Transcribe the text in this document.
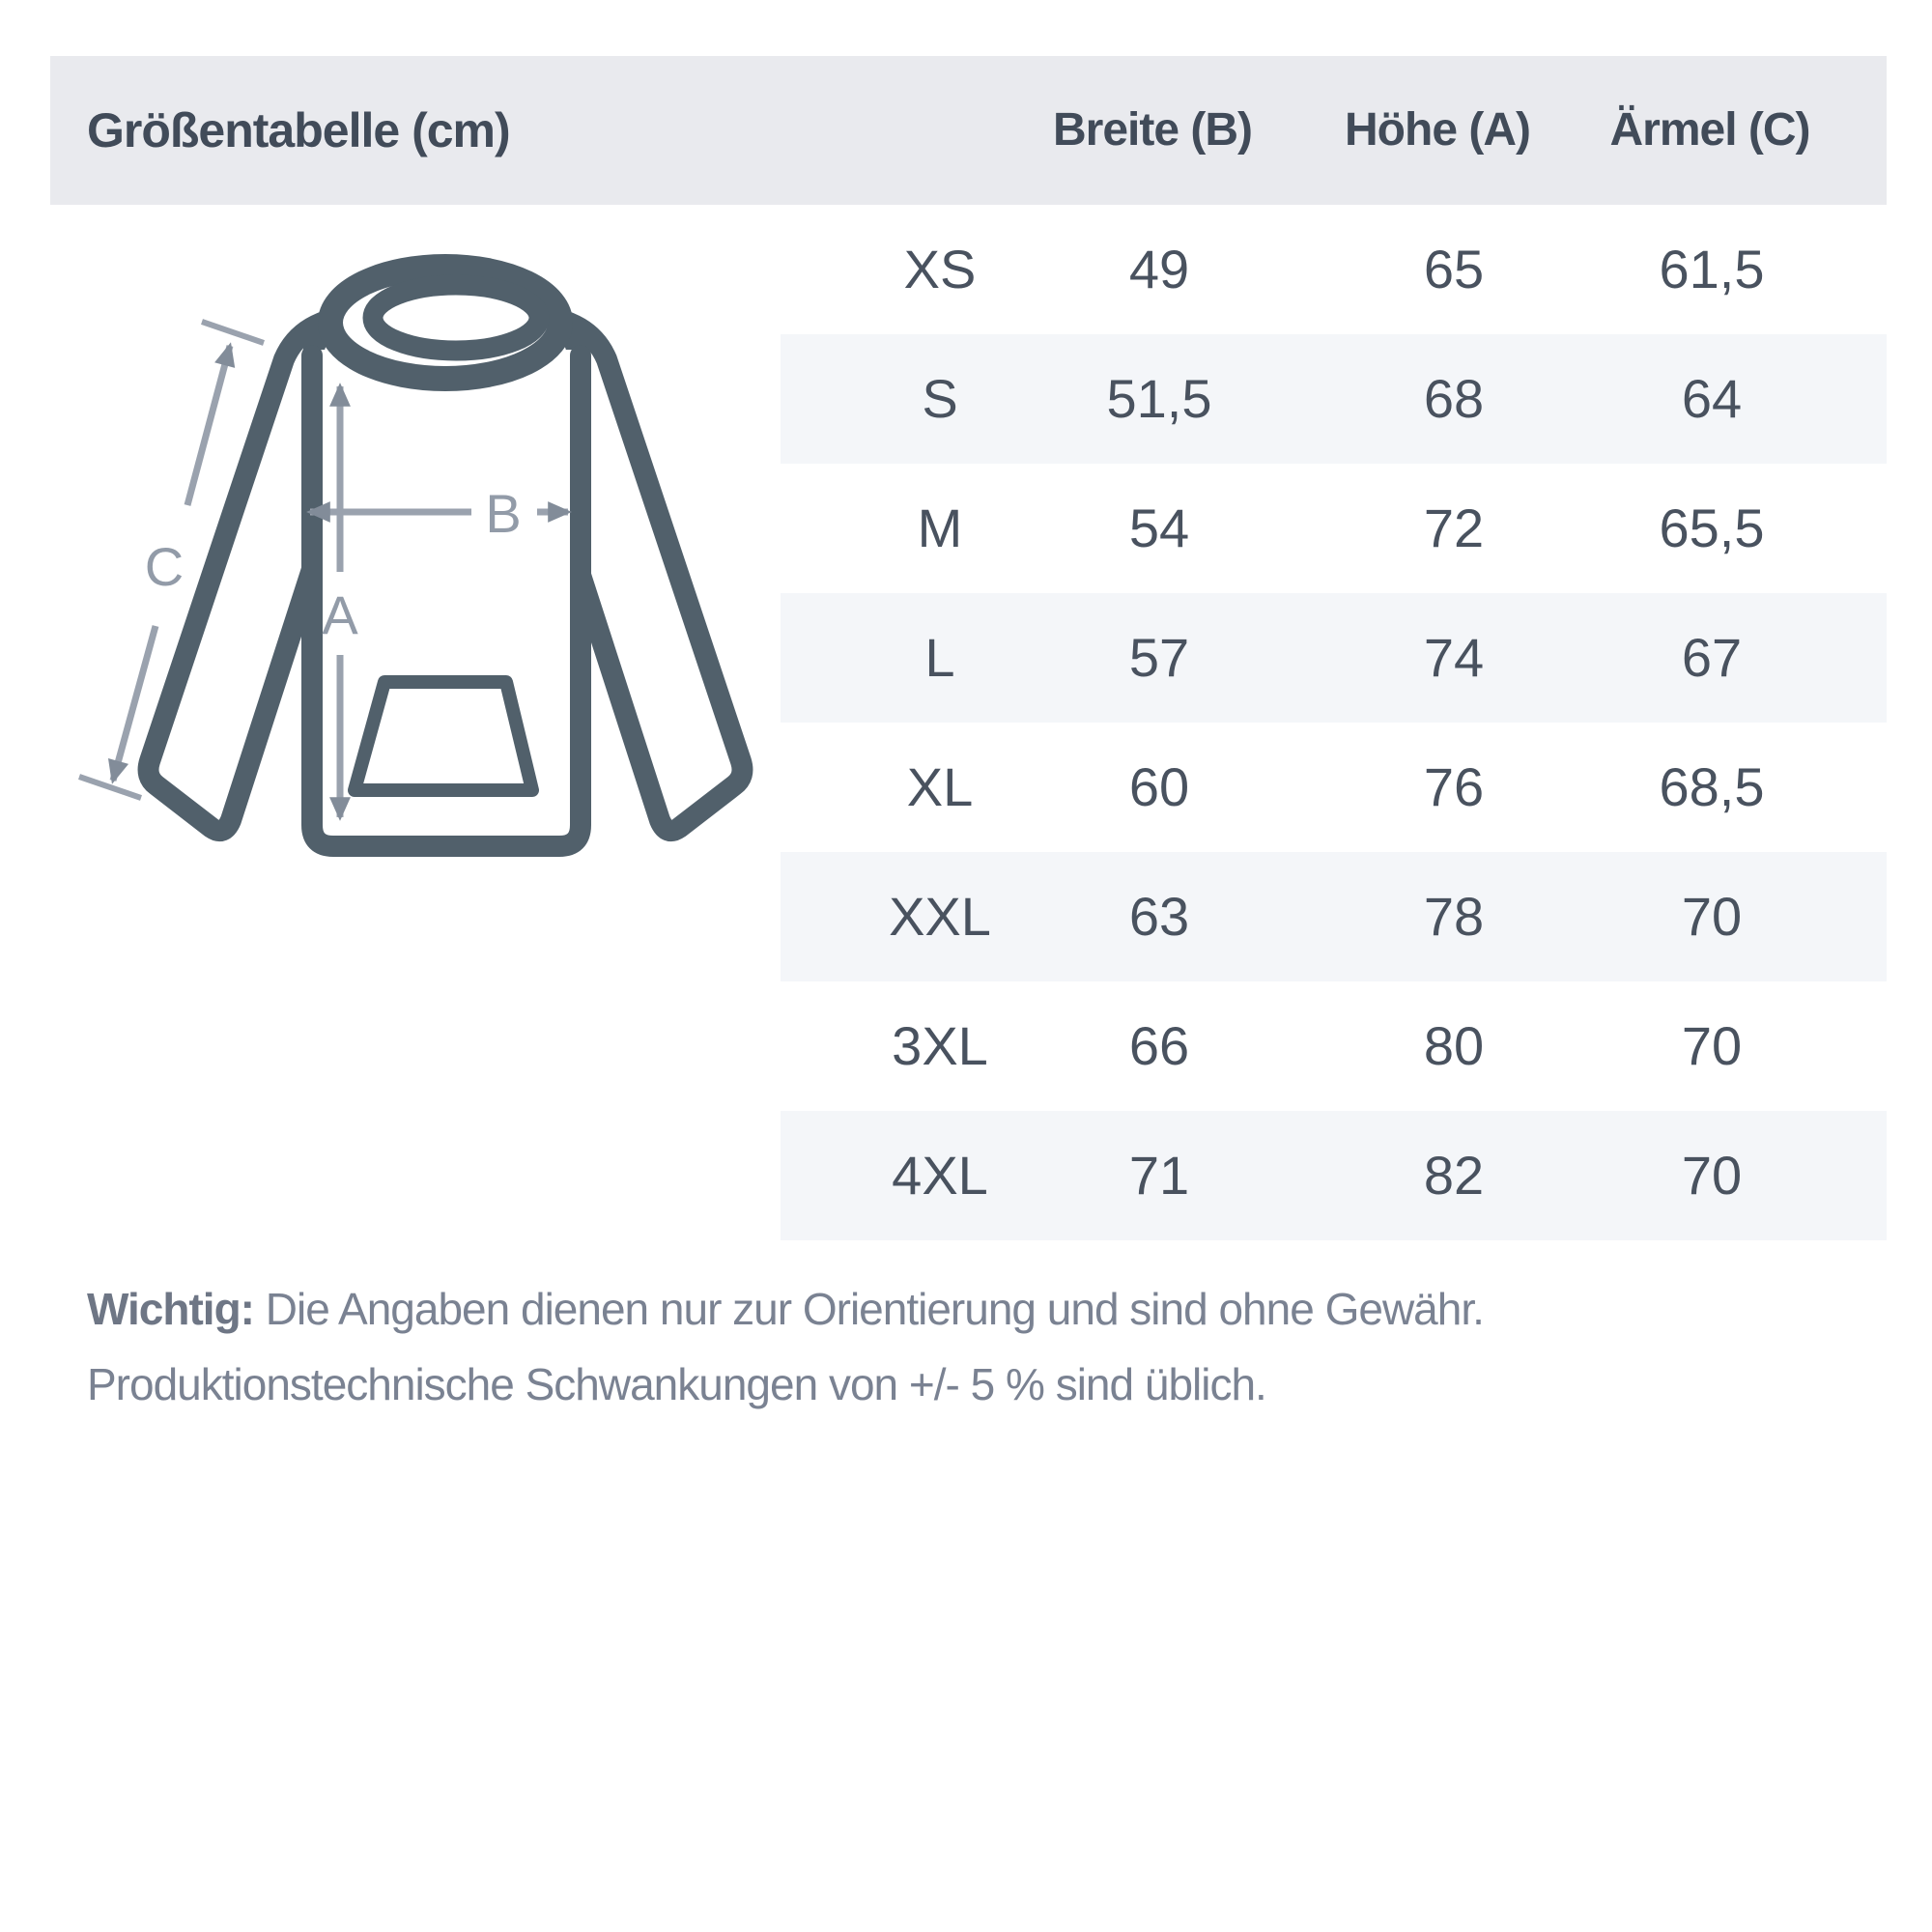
Größentabelle (cm)	Breite (B)	Höhe (A)	Ärmel (C)
A
B
C
XS	49	65	61,5
S	51,5	68	64
M	54	72	65,5
L	57	74	67
XL	60	76	68,5
XXL	63	78	70
3XL	66	80	70
4XL	71	82	70
Wichtig: Die Angaben dienen nur zur Orientierung und sind ohne Gewähr.
Produktionstechnische Schwankungen von +/- 5 % sind üblich.
